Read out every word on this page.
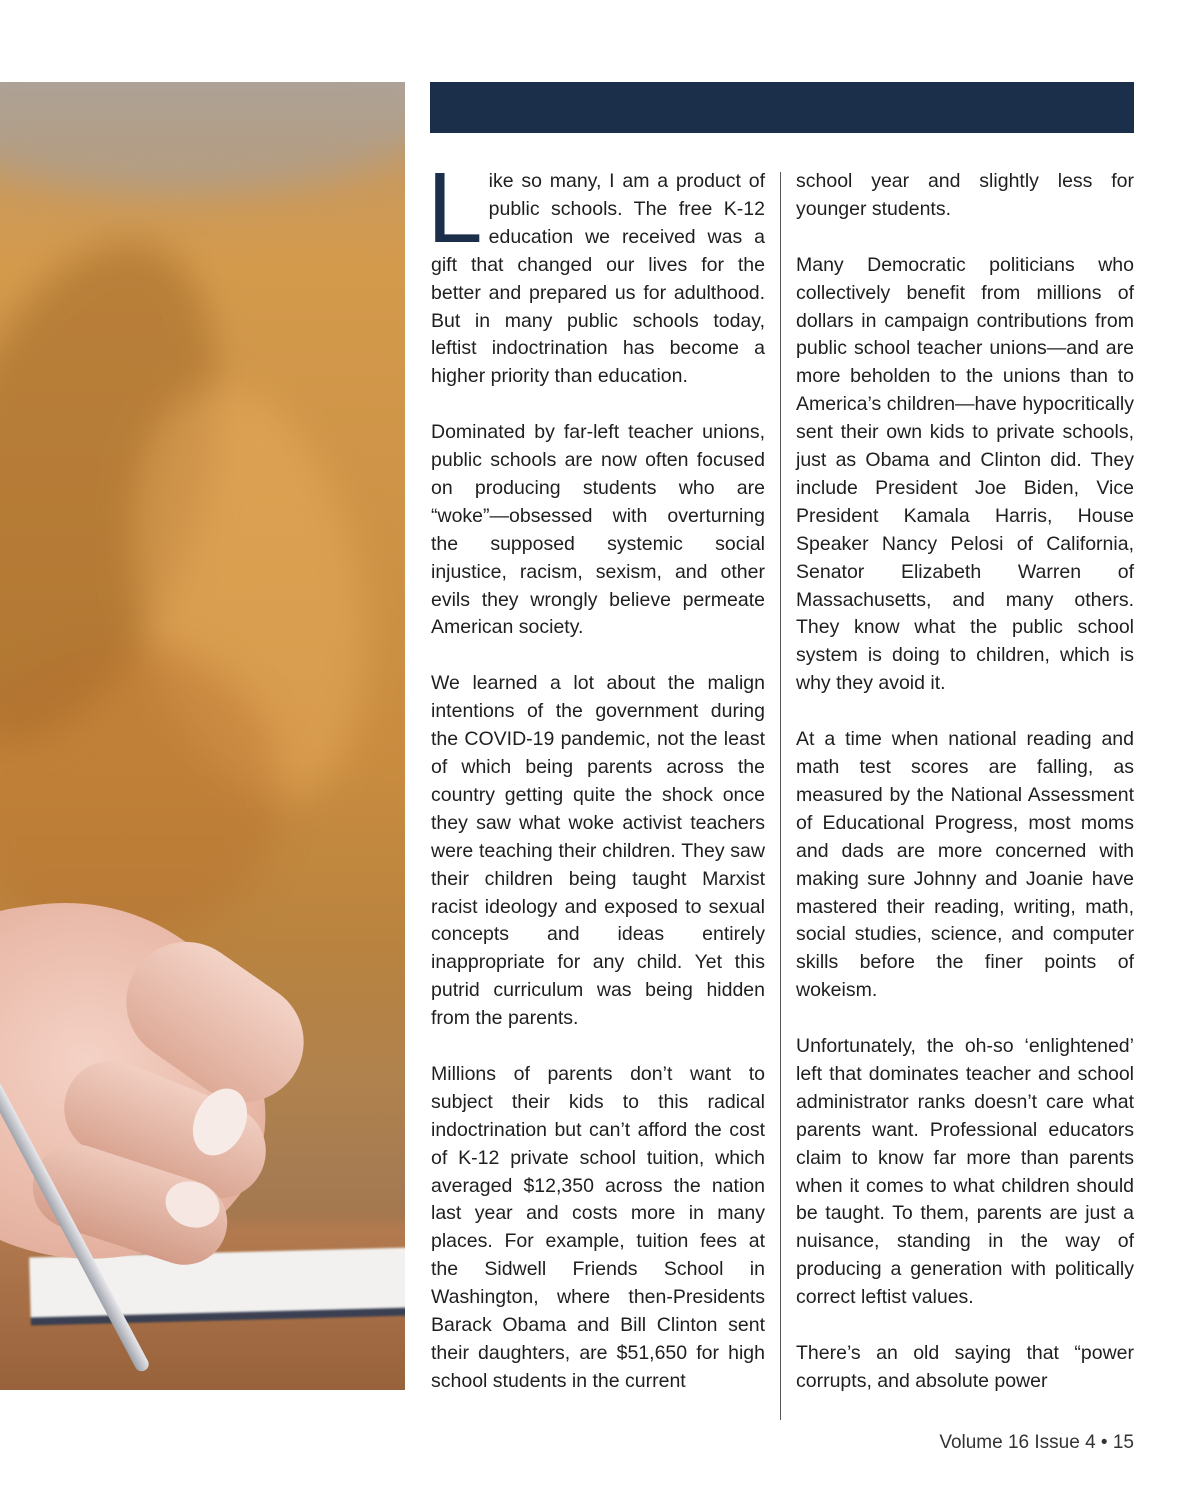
Like so many, I am a product of public schools. The free K-12 education we received was a gift that changed our lives for the better and prepared us for adulthood. But in many public schools today, leftist indoctrination has become a higher priority than education.

Dominated by far-left teacher unions, public schools are now often focused on producing students who are “woke”—obsessed with overturning the supposed systemic social injustice, racism, sexism, and other evils they wrongly believe permeate American society.

We learned a lot about the malign intentions of the government during the COVID-19 pandemic, not the least of which being parents across the country getting quite the shock once they saw what woke activist teachers were teaching their children. They saw their children being taught Marxist racist ideology and exposed to sexual concepts and ideas entirely inappropriate for any child. Yet this putrid curriculum was being hidden from the parents.

Millions of parents don’t want to subject their kids to this radical indoctrination but can’t afford the cost of K-12 private school tuition, which averaged $12,350 across the nation last year and costs more in many places. For example, tuition fees at the Sidwell Friends School in Washington, where then-Presidents Barack Obama and Bill Clinton sent their daughters, are $51,650 for high school students in the current

school year and slightly less for younger students.

Many Democratic politicians who collectively benefit from millions of dollars in campaign contributions from public school teacher unions—and are more beholden to the unions than to America’s children—have hypocritically sent their own kids to private schools, just as Obama and Clinton did. They include President Joe Biden, Vice President Kamala Harris, House Speaker Nancy Pelosi of California, Senator Elizabeth Warren of Massachusetts, and many others. They know what the public school system is doing to children, which is why they avoid it.

At a time when national reading and math test scores are falling, as measured by the National Assessment of Educational Progress, most moms and dads are more concerned with making sure Johnny and Joanie have mastered their reading, writing, math, social studies, science, and computer skills before the finer points of wokeism.

Unfortunately, the oh-so ‘enlightened’ left that dominates teacher and school administrator ranks doesn’t care what parents want. Professional educators claim to know far more than parents when it comes to what children should be taught. To them, parents are just a nuisance, standing in the way of producing a generation with politically correct leftist values.

There’s an old saying that “power corrupts, and absolute power

Volume 16 Issue 4 • 15
